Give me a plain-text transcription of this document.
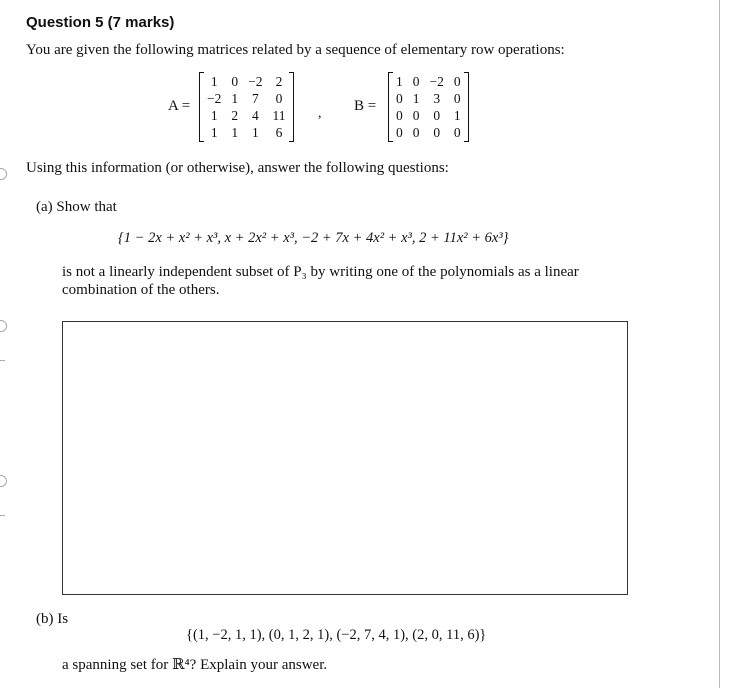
Question 5 (7 marks)
You are given the following matrices related by a sequence of elementary row operations:
A =
1	0	−2	2
−2	1	7	0
1	2	4	11
1	1	1	6
, B =
1	0	−2	0
0	1	3	0
0	0	0	1
0	0	0	0
Using this information (or otherwise), answer the following questions:
(a) Show that
{1 − 2x + x² + x³, x + 2x² + x³, −2 + 7x + 4x² + x³, 2 + 11x² + 6x³}
is not a linearly independent subset of P₃ by writing one of the polynomials as a linear combination of the others.
(b) Is
{(1, −2, 1, 1), (0, 1, 2, 1), (−2, 7, 4, 1), (2, 0, 11, 6)}
a spanning set for ℝ⁴? Explain your answer.
